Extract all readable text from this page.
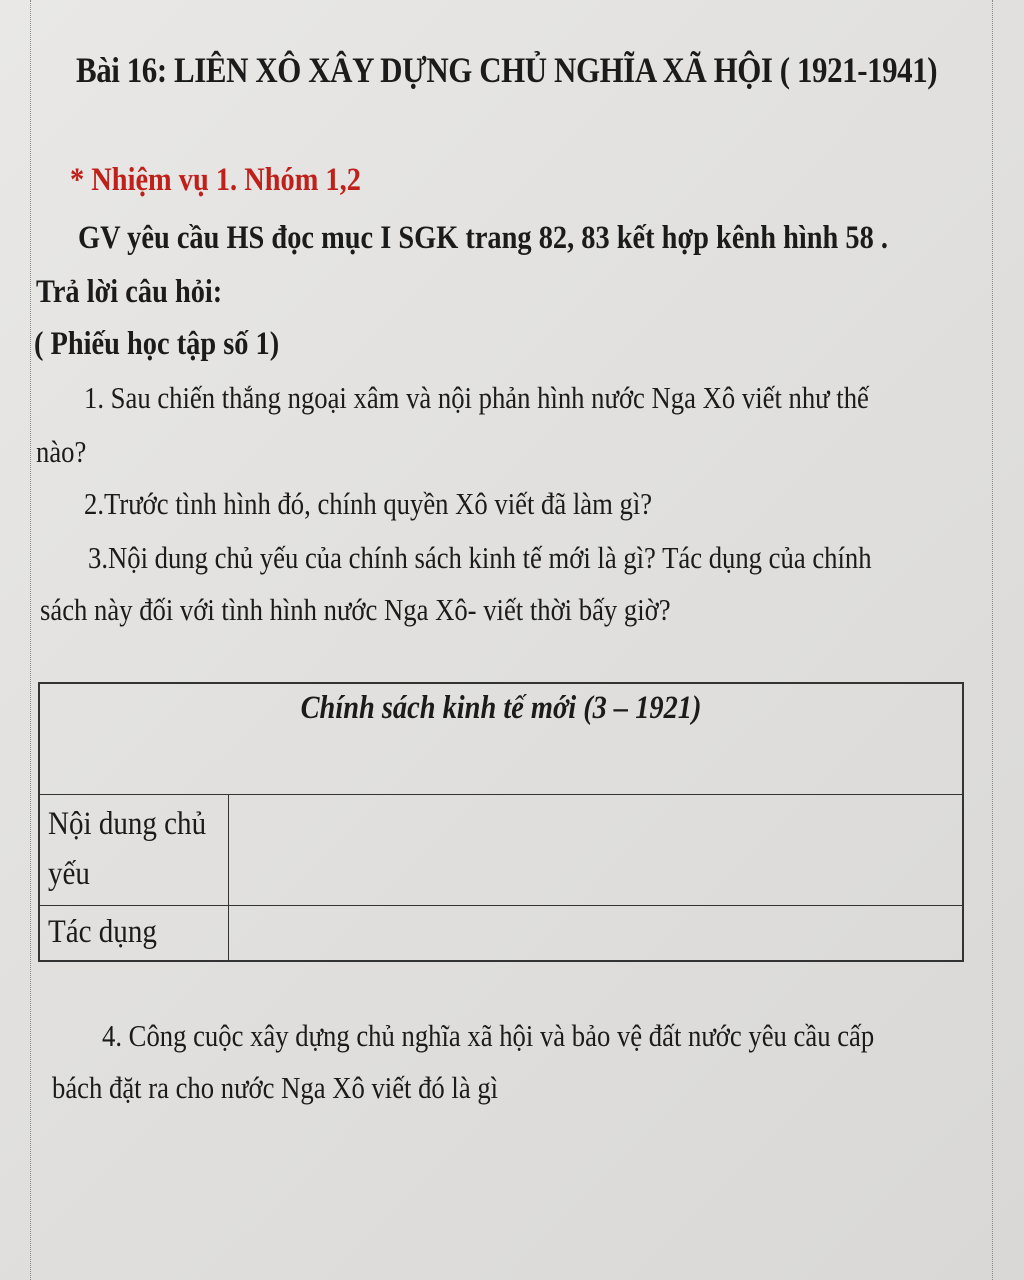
Bài 16: LIÊN XÔ XÂY DỰNG CHỦ NGHĨA XÃ HỘI ( 1921-1941)
* Nhiệm vụ 1. Nhóm 1,2
GV yêu cầu HS đọc mục I SGK trang 82, 83 kết hợp kênh hình 58 .
Trả lời câu hỏi:
( Phiếu học tập số 1)
1. Sau chiến thắng ngoại xâm và nội phản hình nước Nga Xô viết như thế
nào?
2.Trước tình hình đó, chính quyền Xô viết đã làm gì?
3.Nội dung chủ yếu của chính sách kinh tế mới là gì? Tác dụng của chính
sách này đối với tình hình nước Nga Xô- viết thời bấy giờ?
Chính sách kinh tế mới (3 – 1921)	
Nội dung chủ
yếu	
Tác dụng	
4. Công cuộc xây dựng chủ nghĩa xã hội và bảo vệ đất nước yêu cầu cấp
bách đặt ra cho nước Nga Xô viết đó là gì
